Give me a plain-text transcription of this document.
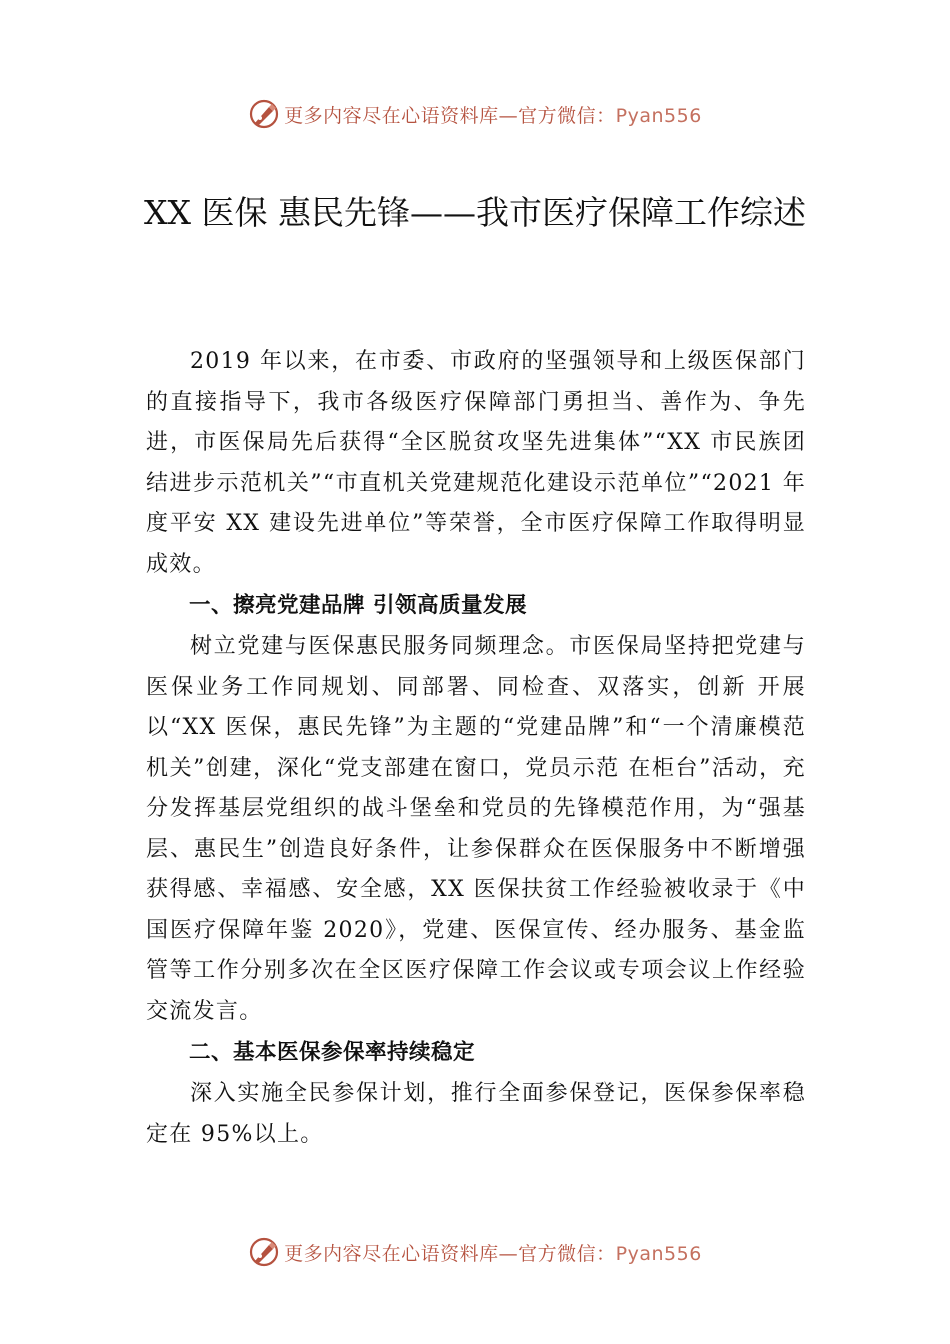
更多内容尽在心语资料库—官方微信：Pyan556
XX 医保 惠民先锋——我市医疗保障工作综述

2019 年以来，在市委、市政府的坚强领导和上级医保部门的直接指导下，我市各级医疗保障部门勇担当、善作为、争先进，市医保局先后获得“全区脱贫攻坚先进集体”“XX 市民族团结进步示范机关”“市直机关党建规范化建设示范单位”“2021 年度平安 XX 建设先进单位”等荣誉，全市医疗保障工作取得明显成效。

一、擦亮党建品牌 引领高质量发展

树立党建与医保惠民服务同频理念。市医保局坚持把党建与医保业务工作同规划、同部署、同检查、双落实，创新 开展以“XX 医保，惠民先锋”为主题的“党建品牌”和“一个清廉模范机关”创建，深化“党支部建在窗口，党员示范 在柜台”活动，充分发挥基层党组织的战斗堡垒和党员的先锋模范作用，为“强基层、惠民生”创造良好条件，让参保群众在医保服务中不断增强获得感、幸福感、安全感，XX 医保扶贫工作经验被收录于《中国医疗保障年鉴 2020》，党建、医保宣传、经办服务、基金监管等工作分别多次在全区医疗保障工作会议或专项会议上作经验交流发言。

二、基本医保参保率持续稳定

深入实施全民参保计划，推行全面参保登记，医保参保率稳定在 95%以上。

更多内容尽在心语资料库—官方微信：Pyan556
